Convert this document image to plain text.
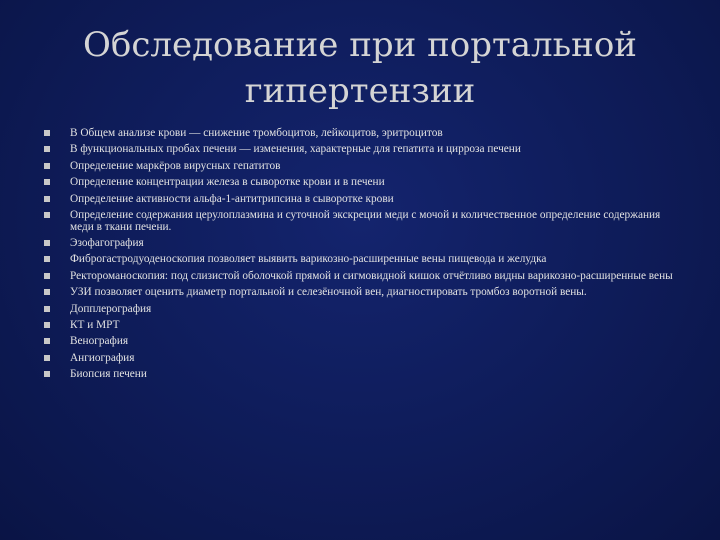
Обследование при портальной
гипертензии
В Общем анализе крови — снижение тромбоцитов, лейкоцитов, эритроцитов
В функциональных пробах печени — изменения, характерные для гепатита и цирроза печени
Определение маркёров вирусных гепатитов
Определение концентрации железа в сыворотке крови и в печени
Определение активности альфа-1-антитрипсина в сыворотке крови
Определение содержания церулоплазмина и суточной экскреции меди с мочой и количественное определение содержания меди в ткани печени.
Эзофагография
Фиброгастродуоденоскопия позволяет выявить варикозно-расширенные вены пищевода и желудка
Ректороманоскопия: под слизистой оболочкой прямой и сигмовидной кишок отчётливо видны варикозно-расширенные вены
УЗИ позволяет оценить диаметр портальной и селезёночной вен, диагностировать тромбоз воротной вены.
Допплерография
КТ и МРТ
Венография
Ангиография
Биопсия печени
